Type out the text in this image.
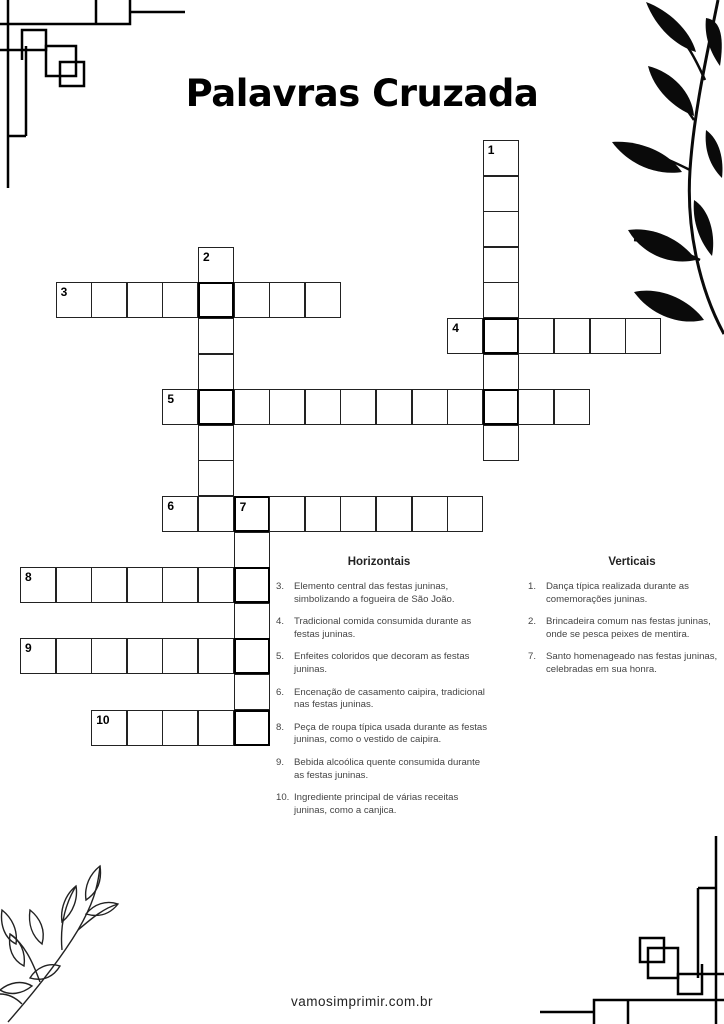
Palavras Cruzada
1
2
3
4
5
6	7
8
9
10
Horizontais
3. Elemento central das festas juninas, simbolizando a fogueira de São João.
4. Tradicional comida consumida durante as festas juninas.
5. Enfeites coloridos que decoram as festas juninas.
6. Encenação de casamento caipira, tradicional nas festas juninas.
8. Peça de roupa típica usada durante as festas juninas, como o vestido de caipira.
9. Bebida alcoólica quente consumida durante as festas juninas.
10. Ingrediente principal de várias receitas juninas, como a canjica.
Verticais
1. Dança típica realizada durante as comemorações juninas.
2. Brincadeira comum nas festas juninas, onde se pesca peixes de mentira.
7. Santo homenageado nas festas juninas, celebradas em sua honra.
vamosimprimir.com.br
